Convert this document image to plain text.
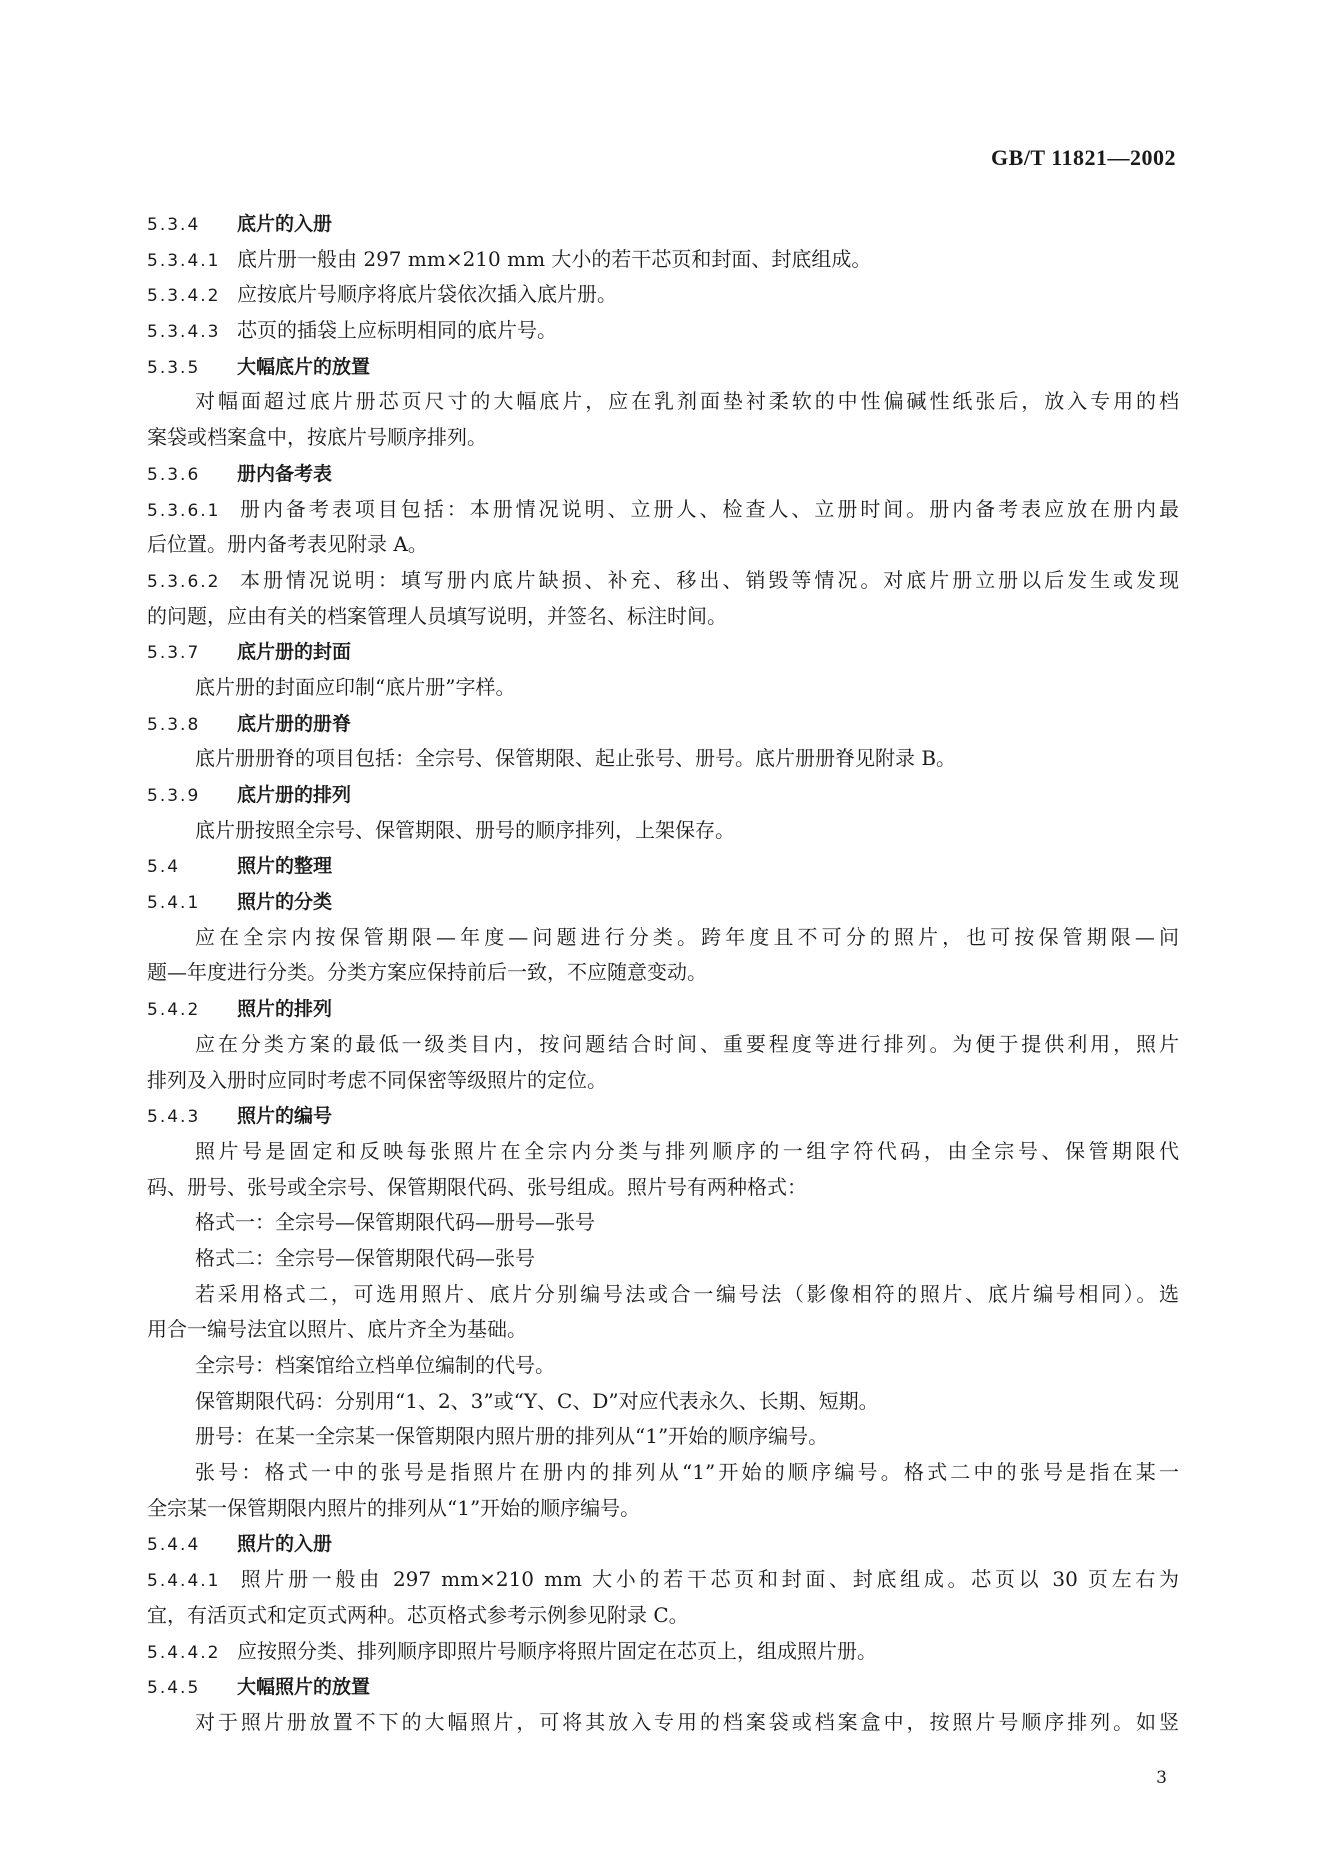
GB/T 11821—2002
5.3.4 底片的入册
5.3.4.1 底片册一般由 297 mm×210 mm 大小的若干芯页和封面、封底组成。
5.3.4.2 应按底片号顺序将底片袋依次插入底片册。
5.3.4.3 芯页的插袋上应标明相同的底片号。
5.3.5 大幅底片的放置
对幅面超过底片册芯页尺寸的大幅底片，应在乳剂面垫衬柔软的中性偏碱性纸张后，放入专用的档
案袋或档案盒中，按底片号顺序排列。
5.3.6 册内备考表
5.3.6.1 册内备考表项目包括：本册情况说明、立册人、检查人、立册时间。册内备考表应放在册内最
后位置。册内备考表见附录 A。
5.3.6.2 本册情况说明：填写册内底片缺损、补充、移出、销毁等情况。对底片册立册以后发生或发现
的问题，应由有关的档案管理人员填写说明，并签名、标注时间。
5.3.7 底片册的封面
底片册的封面应印制“底片册”字样。
5.3.8 底片册的册脊
底片册册脊的项目包括：全宗号、保管期限、起止张号、册号。底片册册脊见附录 B。
5.3.9 底片册的排列
底片册按照全宗号、保管期限、册号的顺序排列，上架保存。
5.4	照片的整理
5.4.1 照片的分类
应在全宗内按保管期限—年度—问题进行分类。跨年度且不可分的照片，也可按保管期限—问
题—年度进行分类。分类方案应保持前后一致，不应随意变动。
5.4.2 照片的排列
应在分类方案的最低一级类目内，按问题结合时间、重要程度等进行排列。为便于提供利用，照片
排列及入册时应同时考虑不同保密等级照片的定位。
5.4.3 照片的编号
照片号是固定和反映每张照片在全宗内分类与排列顺序的一组字符代码，由全宗号、保管期限代
码、册号、张号或全宗号、保管期限代码、张号组成。照片号有两种格式：
格式一：全宗号—保管期限代码—册号—张号
格式二：全宗号—保管期限代码—张号
若采用格式二，可选用照片、底片分别编号法或合一编号法（影像相符的照片、底片编号相同）。选
用合一编号法宜以照片、底片齐全为基础。
全宗号：档案馆给立档单位编制的代号。
保管期限代码：分别用“1、2、3”或“Y、C、D”对应代表永久、长期、短期。
册号：在某一全宗某一保管期限内照片册的排列从“1”开始的顺序编号。
张号：格式一中的张号是指照片在册内的排列从“1”开始的顺序编号。格式二中的张号是指在某一
全宗某一保管期限内照片的排列从“1”开始的顺序编号。
5.4.4 照片的入册
5.4.4.1 照片册一般由 297 mm×210 mm 大小的若干芯页和封面、封底组成。芯页以 30 页左右为
宜，有活页式和定页式两种。芯页格式参考示例参见附录 C。
5.4.4.2 应按照分类、排列顺序即照片号顺序将照片固定在芯页上，组成照片册。
5.4.5 大幅照片的放置
对于照片册放置不下的大幅照片，可将其放入专用的档案袋或档案盒中，按照片号顺序排列。如竖
3
